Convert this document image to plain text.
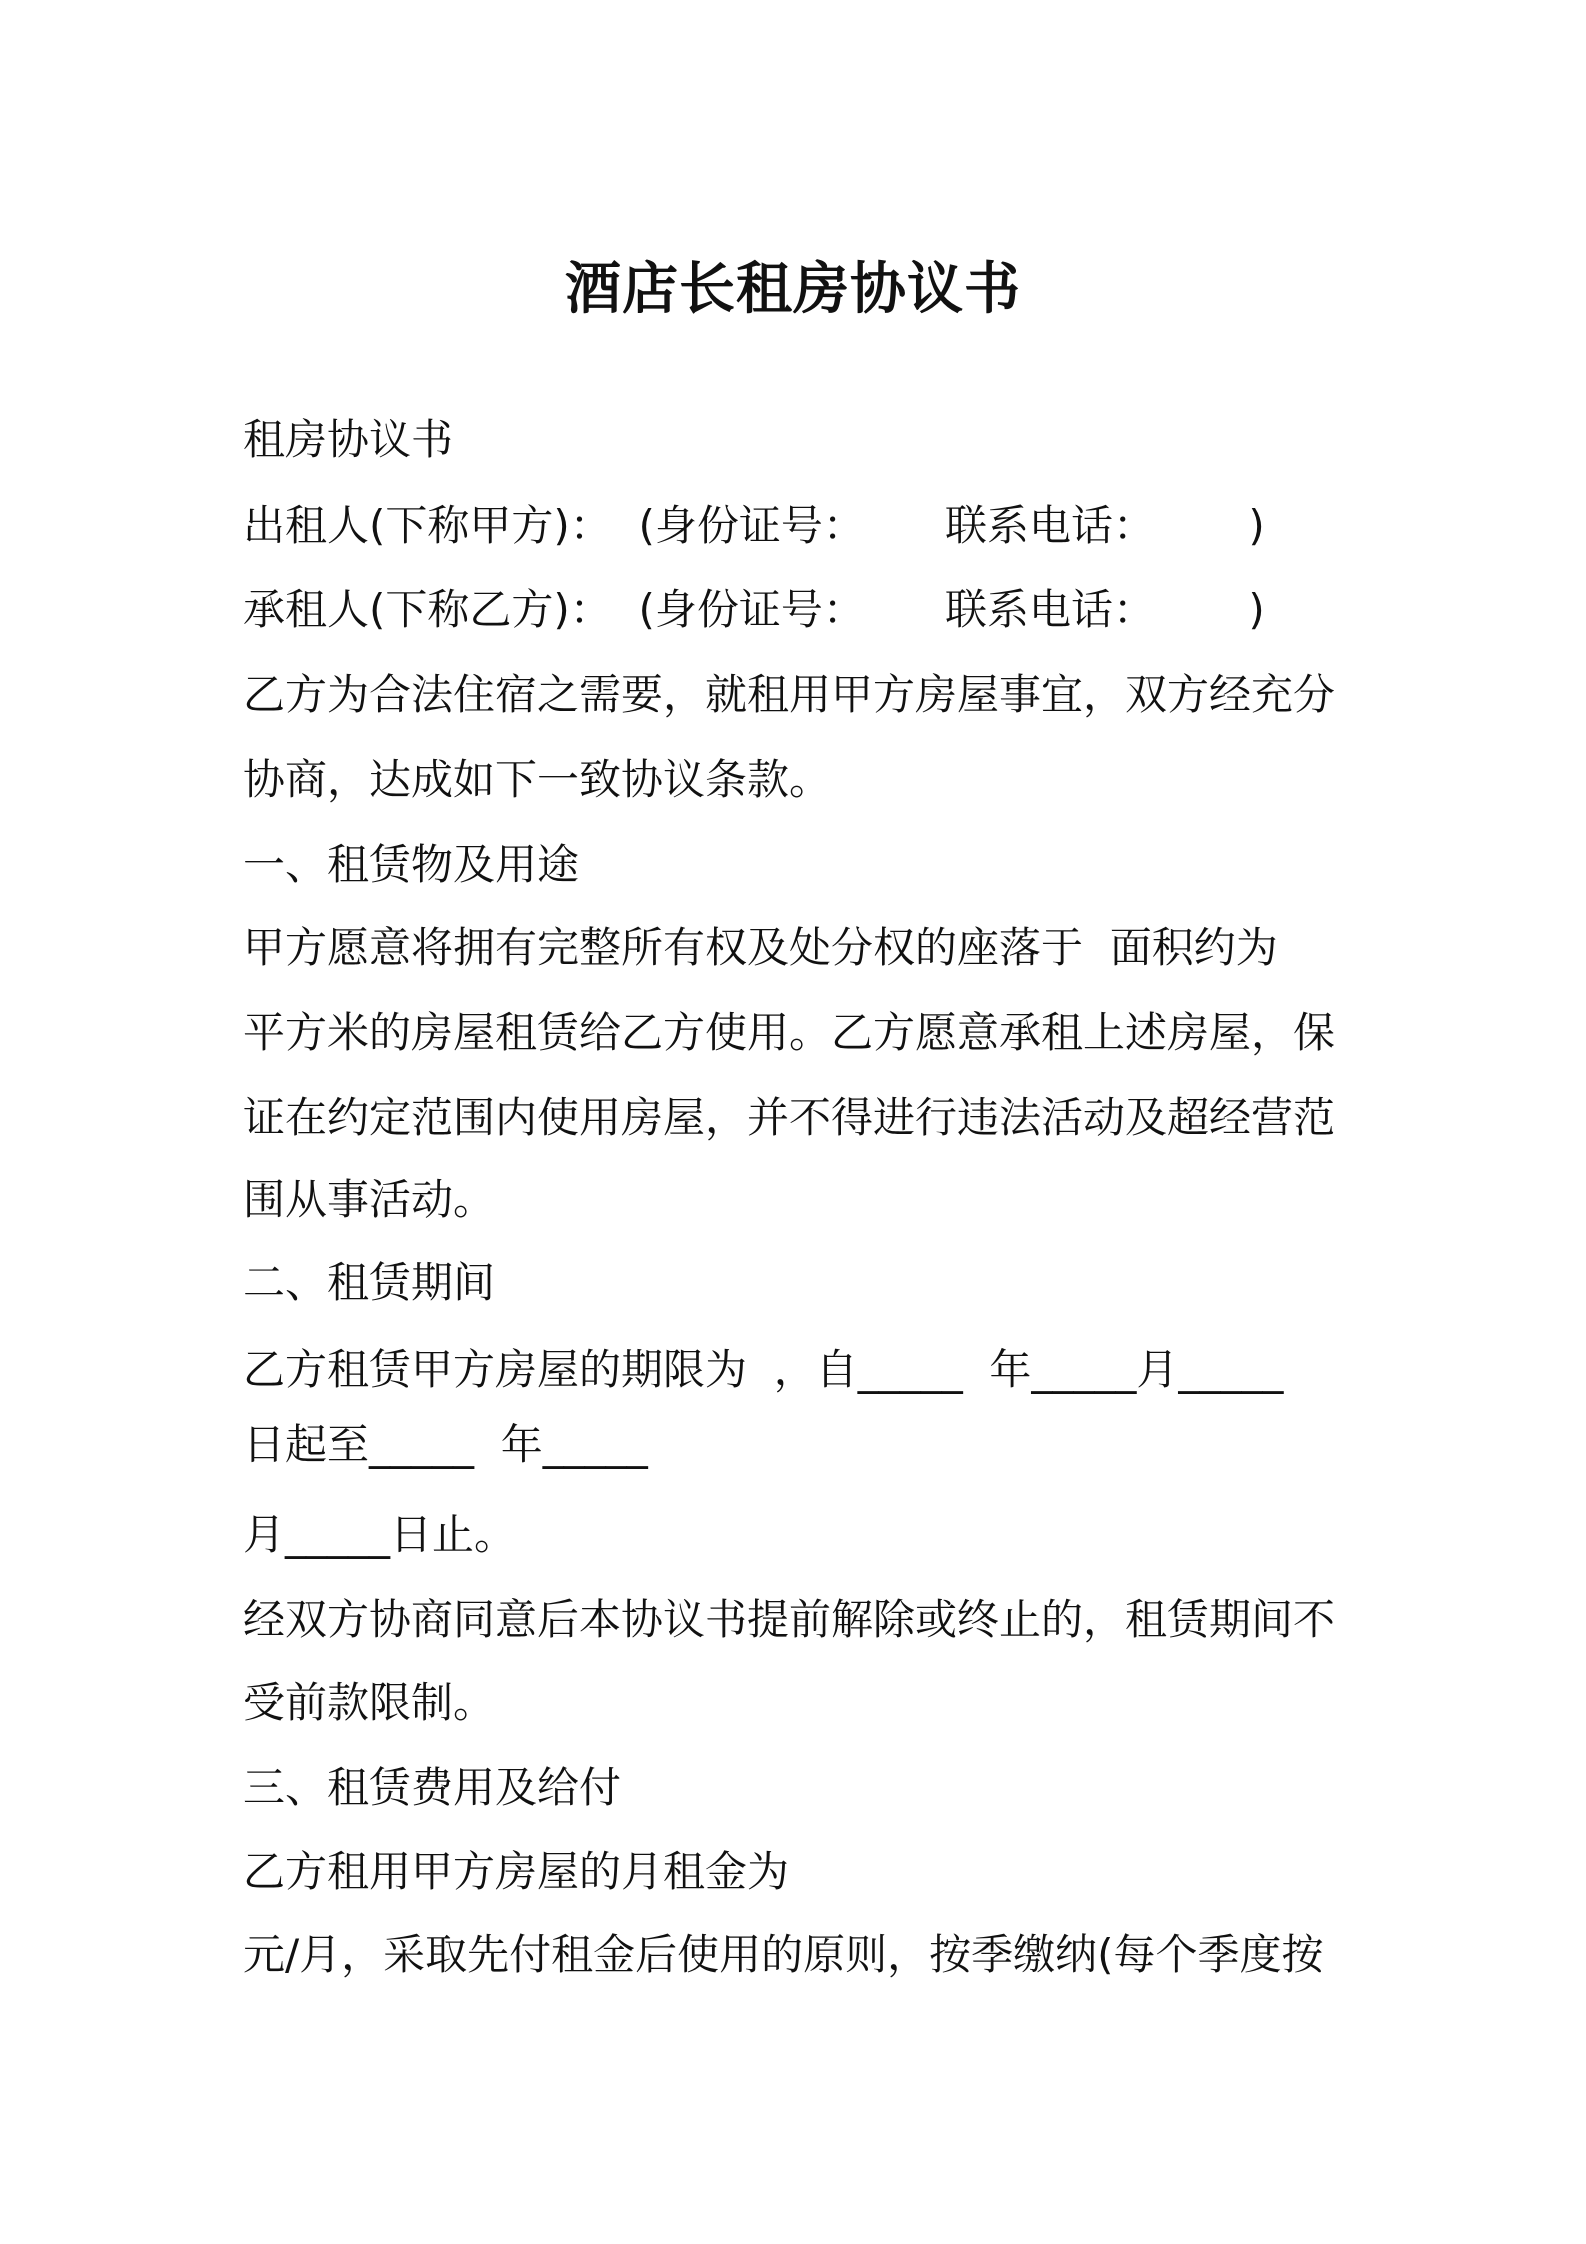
酒店长租房协议书
租房协议书
出租人(下称甲方)：  (身份证号：      联系电话：       )
承租人(下称乙方)：  (身份证号：      联系电话：       )
乙方为合法住宿之需要，就租用甲方房屋事宜，双方经充分
协商，达成如下一致协议条款。
一、租赁物及用途
甲方愿意将拥有完整所有权及处分权的座落于  面积约为
平方米的房屋租赁给乙方使用。乙方愿意承租上述房屋，保
证在约定范围内使用房屋，并不得进行违法活动及超经营范
围从事活动。
二、租赁期间
乙方租赁甲方房屋的期限为  ，自_____  年_____月_____
日起至_____  年_____
月_____日止。
经双方协商同意后本协议书提前解除或终止的，租赁期间不
受前款限制。
三、租赁费用及给付
乙方租用甲方房屋的月租金为
元/月，采取先付租金后使用的原则，按季缴纳(每个季度按
